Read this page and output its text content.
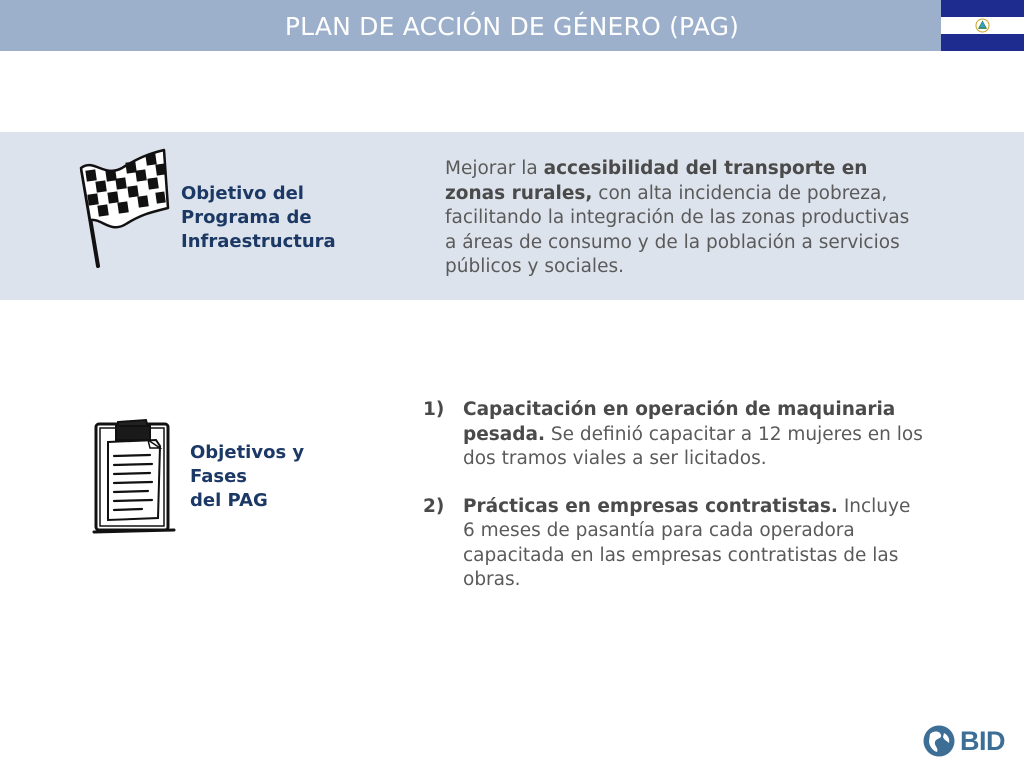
PLAN DE ACCIÓN DE GÉNERO (PAG)
Objetivo del Programa de Infraestructura
Mejorar la accesibilidad del transporte en zonas rurales, con alta incidencia de pobreza, facilitando la integración de las zonas productivas a áreas de consumo y de la población a servicios públicos y sociales.
Objetivos y
Fases
del PAG
1) Capacitación en operación de maquinaria pesada. Se definió capacitar a 12 mujeres en los dos tramos viales a ser licitados.
2) Prácticas en empresas contratistas. Incluye 6 meses de pasantía para cada operadora capacitada en las empresas contratistas de las obras.
BID
